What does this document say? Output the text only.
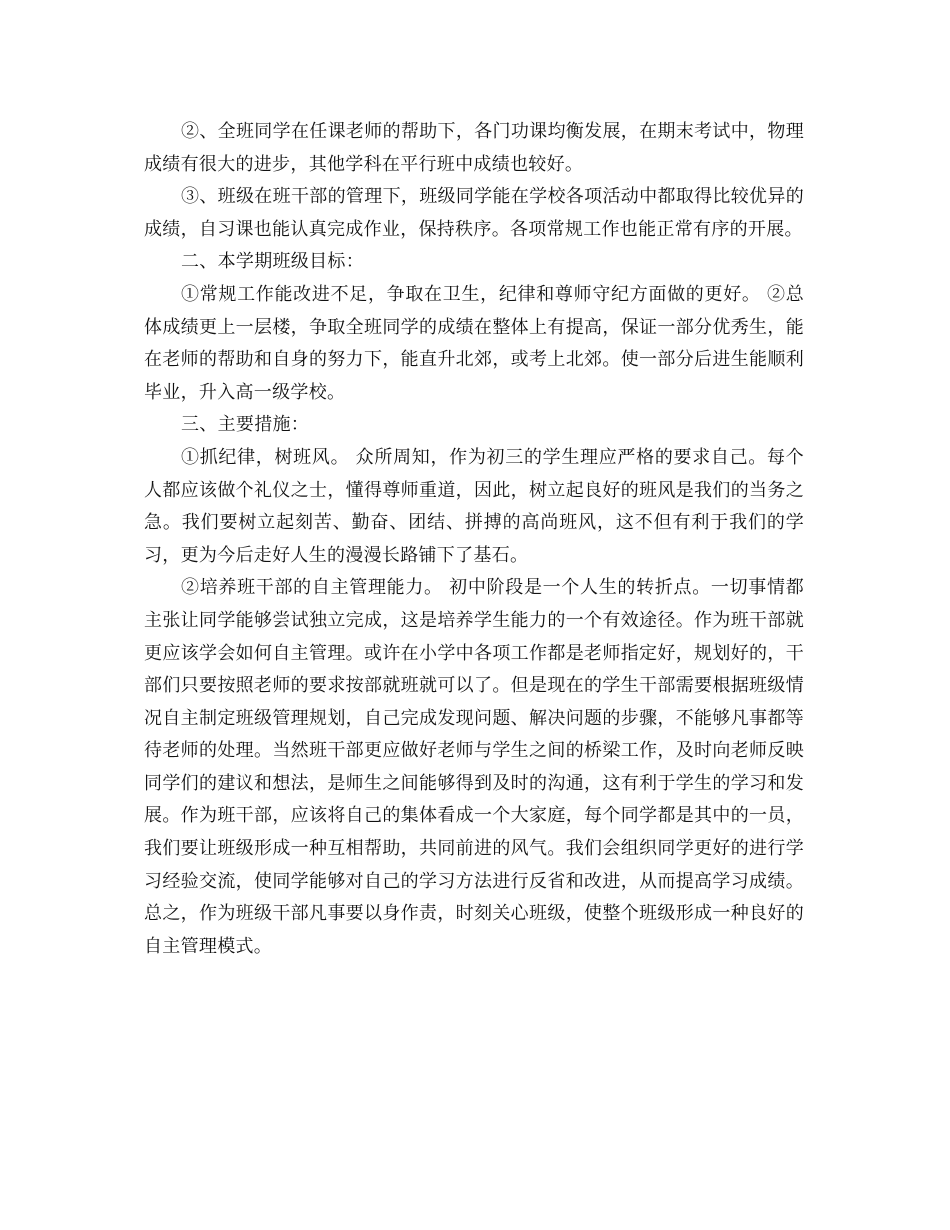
②、全班同学在任课老师的帮助下，各门功课均衡发展，在期末考试中，物理成绩有很大的进步，其他学科在平行班中成绩也较好。

③、班级在班干部的管理下，班级同学能在学校各项活动中都取得比较优异的成绩，自习课也能认真完成作业，保持秩序。各项常规工作也能正常有序的开展。

二、本学期班级目标：

①常规工作能改进不足，争取在卫生，纪律和尊师守纪方面做的更好。 ②总体成绩更上一层楼，争取全班同学的成绩在整体上有提高，保证一部分优秀生，能在老师的帮助和自身的努力下，能直升北郊，或考上北郊。使一部分后进生能顺利毕业，升入高一级学校。

三、主要措施：

①抓纪律，树班风。 众所周知，作为初三的学生理应严格的要求自己。每个人都应该做个礼仪之士，懂得尊师重道，因此，树立起良好的班风是我们的当务之急。我们要树立起刻苦、勤奋、团结、拼搏的高尚班风，这不但有利于我们的学习，更为今后走好人生的漫漫长路铺下了基石。

②培养班干部的自主管理能力。 初中阶段是一个人生的转折点。一切事情都主张让同学能够尝试独立完成，这是培养学生能力的一个有效途径。作为班干部就更应该学会如何自主管理。或许在小学中各项工作都是老师指定好，规划好的，干部们只要按照老师的要求按部就班就可以了。但是现在的学生干部需要根据班级情况自主制定班级管理规划，自己完成发现问题、解决问题的步骤，不能够凡事都等待老师的处理。当然班干部更应做好老师与学生之间的桥梁工作，及时向老师反映同学们的建议和想法，是师生之间能够得到及时的沟通，这有利于学生的学习和发展。作为班干部，应该将自己的集体看成一个大家庭，每个同学都是其中的一员，我们要让班级形成一种互相帮助，共同前进的风气。我们会组织同学更好的进行学习经验交流，使同学能够对自己的学习方法进行反省和改进，从而提高学习成绩。总之，作为班级干部凡事要以身作责，时刻关心班级，使整个班级形成一种良好的自主管理模式。
